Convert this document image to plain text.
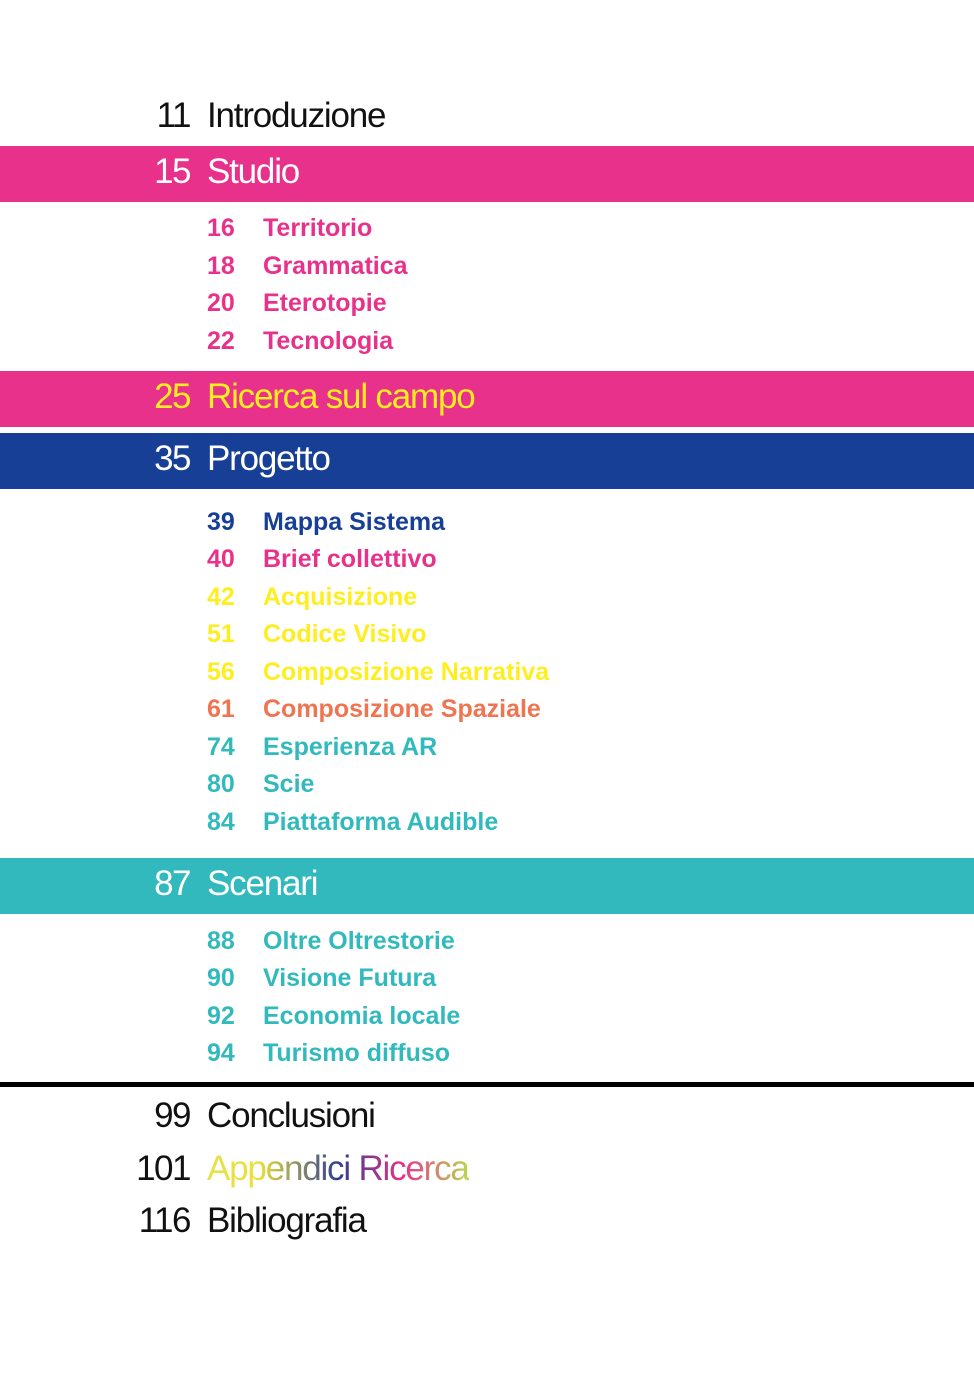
11 Introduzione
15 Studio
16 Territorio
18 Grammatica
20 Eterotopie
22 Tecnologia
25 Ricerca sul campo
35 Progetto
39 Mappa Sistema
40 Brief collettivo
42 Acquisizione
51 Codice Visivo
56 Composizione Narrativa
61 Composizione Spaziale
74 Esperienza AR
80 Scie
84 Piattaforma Audible
87 Scenari
88 Oltre Oltrestorie
90 Visione Futura
92 Economia locale
94 Turismo diffuso
99 Conclusioni
101 Appendici Ricerca
116 Bibliografia
